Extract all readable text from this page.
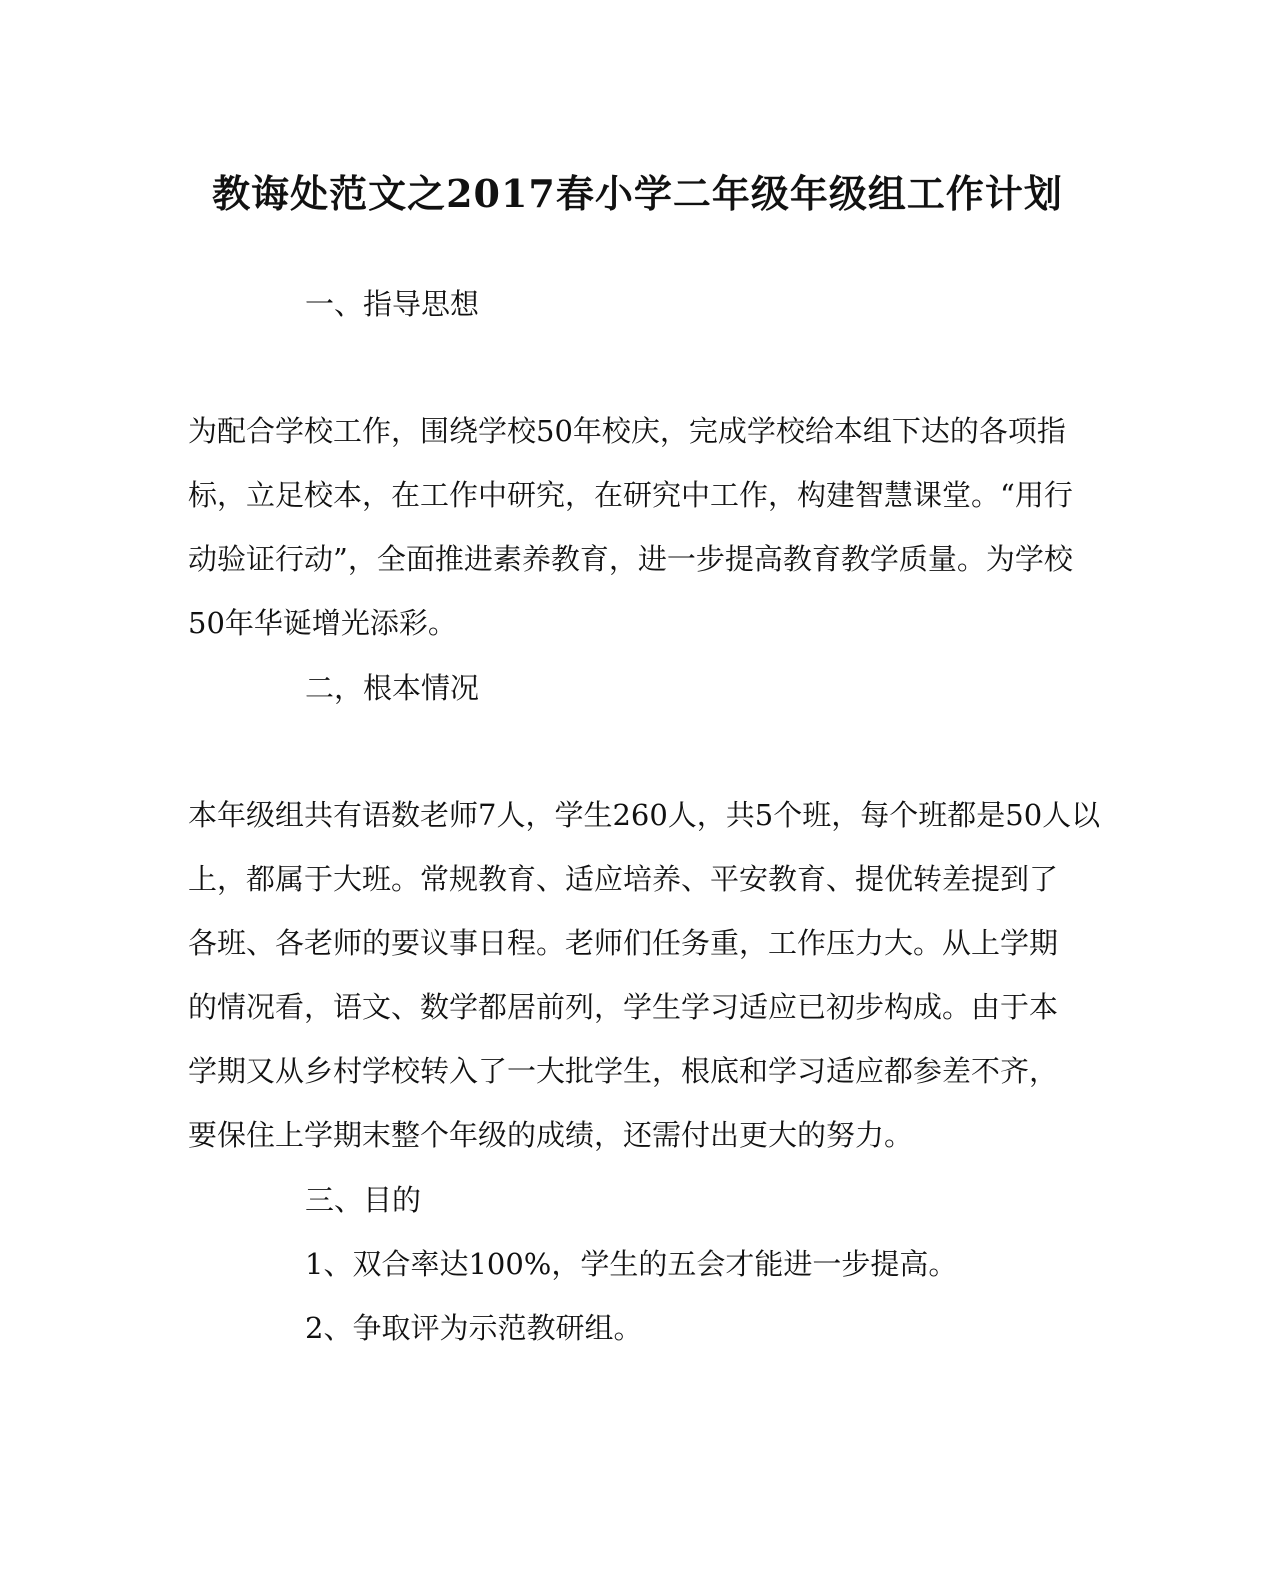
教诲处范文之2017春小学二年级年级组工作计划

一、指导思想

为配合学校工作，围绕学校50年校庆，完成学校给本组下达的各项指
标，立足校本，在工作中研究，在研究中工作，构建智慧课堂。“用行
动验证行动”，全面推进素养教育，进一步提高教育教学质量。为学校
50年华诞增光添彩。

二，根本情况

本年级组共有语数老师7人，学生260人，共5个班，每个班都是50人以
上，都属于大班。常规教育、适应培养、平安教育、提优转差提到了
各班、各老师的要议事日程。老师们任务重，工作压力大。从上学期
的情况看，语文、数学都居前列，学生学习适应已初步构成。由于本
学期又从乡村学校转入了一大批学生，根底和学习适应都参差不齐，
要保住上学期末整个年级的成绩，还需付出更大的努力。

三、目的

1、双合率达100%，学生的五会才能进一步提高。

2、争取评为示范教研组。
